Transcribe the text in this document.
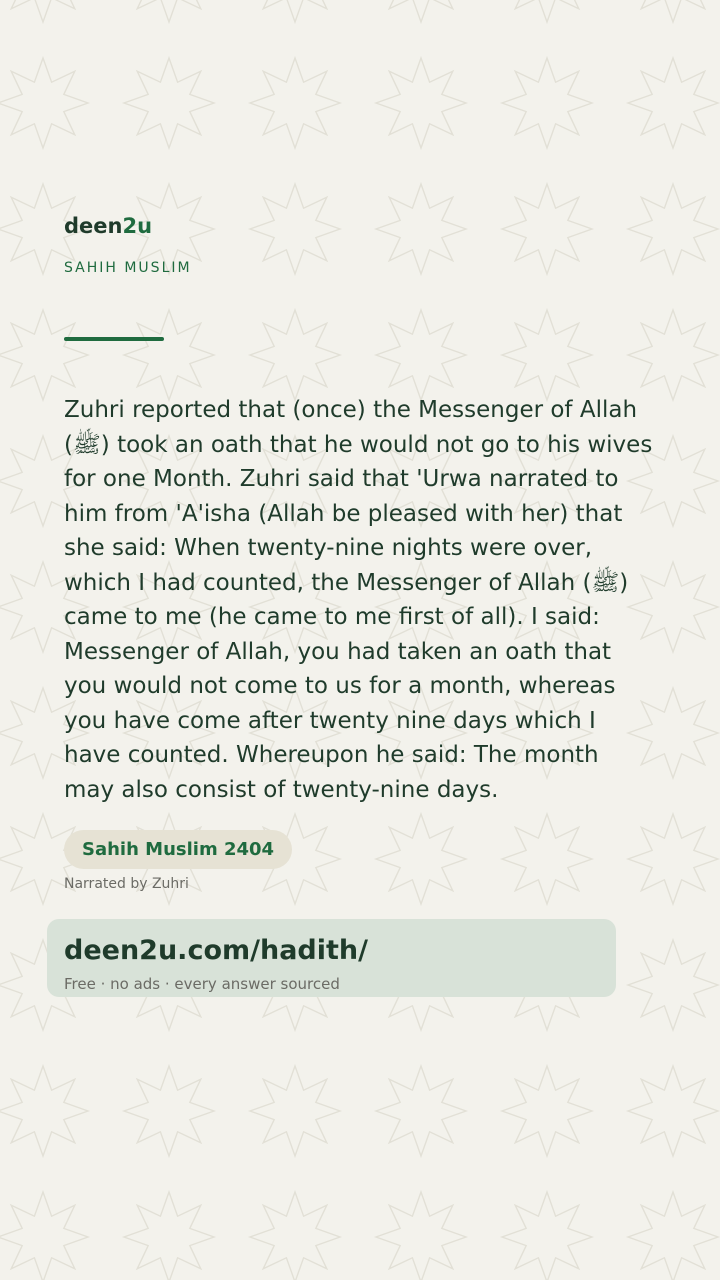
deen2u
SAHIH MUSLIM

Zuhri reported that (once) the Messenger of Allah (ﷺ) took an oath that he would not go to his wives for one Month. Zuhri said that 'Urwa narrated to him from 'A'isha (Allah be pleased with her) that she said: When twenty-nine nights were over, which I had counted, the Messenger of Allah (ﷺ) came to me (he came to me first of all). I said: Messenger of Allah, you had taken an oath that you would not come to us for a month, whereas you have come after twenty nine days which I have counted. Whereupon he said: The month may also consist of twenty-nine days.

Sahih Muslim 2404
Narrated by Zuhri
deen2u.com/hadith/
Free · no ads · every answer sourced
